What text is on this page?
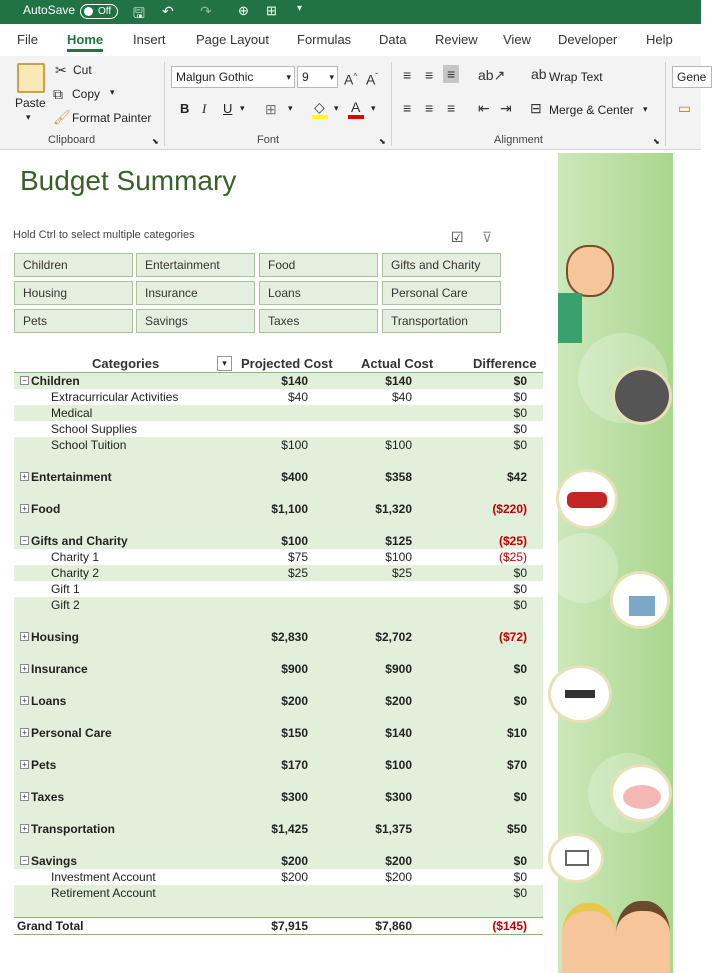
AutoSave	Off	🖫 ↶ ↷ ⊕ ⊞ ▾
File Home Insert Page Layout Formulas Data Review View Developer Help
Paste
▾
✂ Cut
⧉ Copy ▾
🖌 Format Painter
Clipboard	⬊
Malgun Gothic	▾ 9 ▾ A^ $A^ˇ$
B I U ▾ ⊞ ▾ ◇ ▾ A ▾
Font	⬊
≡ ≡ ≡ ab↗ ab Wrap Text
≡ ≡ ≡ ⇤ ⇥ ⊟ Merge & Center ▾
Alignment	⬊
Gene
▭
Budget Summary
Hold Ctrl to select multiple categories	☑ ⊽
Children	Entertainment	Food	Gifts and Charity
Housing	Insurance	Loans	Personal Care
Pets	Savings	Taxes	Transportation
Categories	▾	Projected Cost Actual Cost	Difference
− Children	$140	$140	$0
Extracurricular Activities	$40	$40	$0
Medical	$0
School Supplies	$0
School Tuition	$100	$100	$0
+ Entertainment	$400	$358	$42
+ Food	$1,100	$1,320	($220)
− Gifts and Charity	$100	$125	($25)
Charity 1	$75	$100	($25)
Charity 2	$25	$25	$0
Gift 1	$0
Gift 2	$0
+ Housing	$2,830	$2,702	($72)
+ Insurance	$900	$900	$0
+ Loans	$200	$200	$0
+ Personal Care	$150	$140	$10
+ Pets	$170	$100	$70
+ Taxes	$300	$300	$0
+ Transportation	$1,425	$1,375	$50
− Savings	$200	$200	$0
Investment Account	$200	$200	$0
Retirement Account	$0
Grand Total	$7,915	$7,860	($145)
